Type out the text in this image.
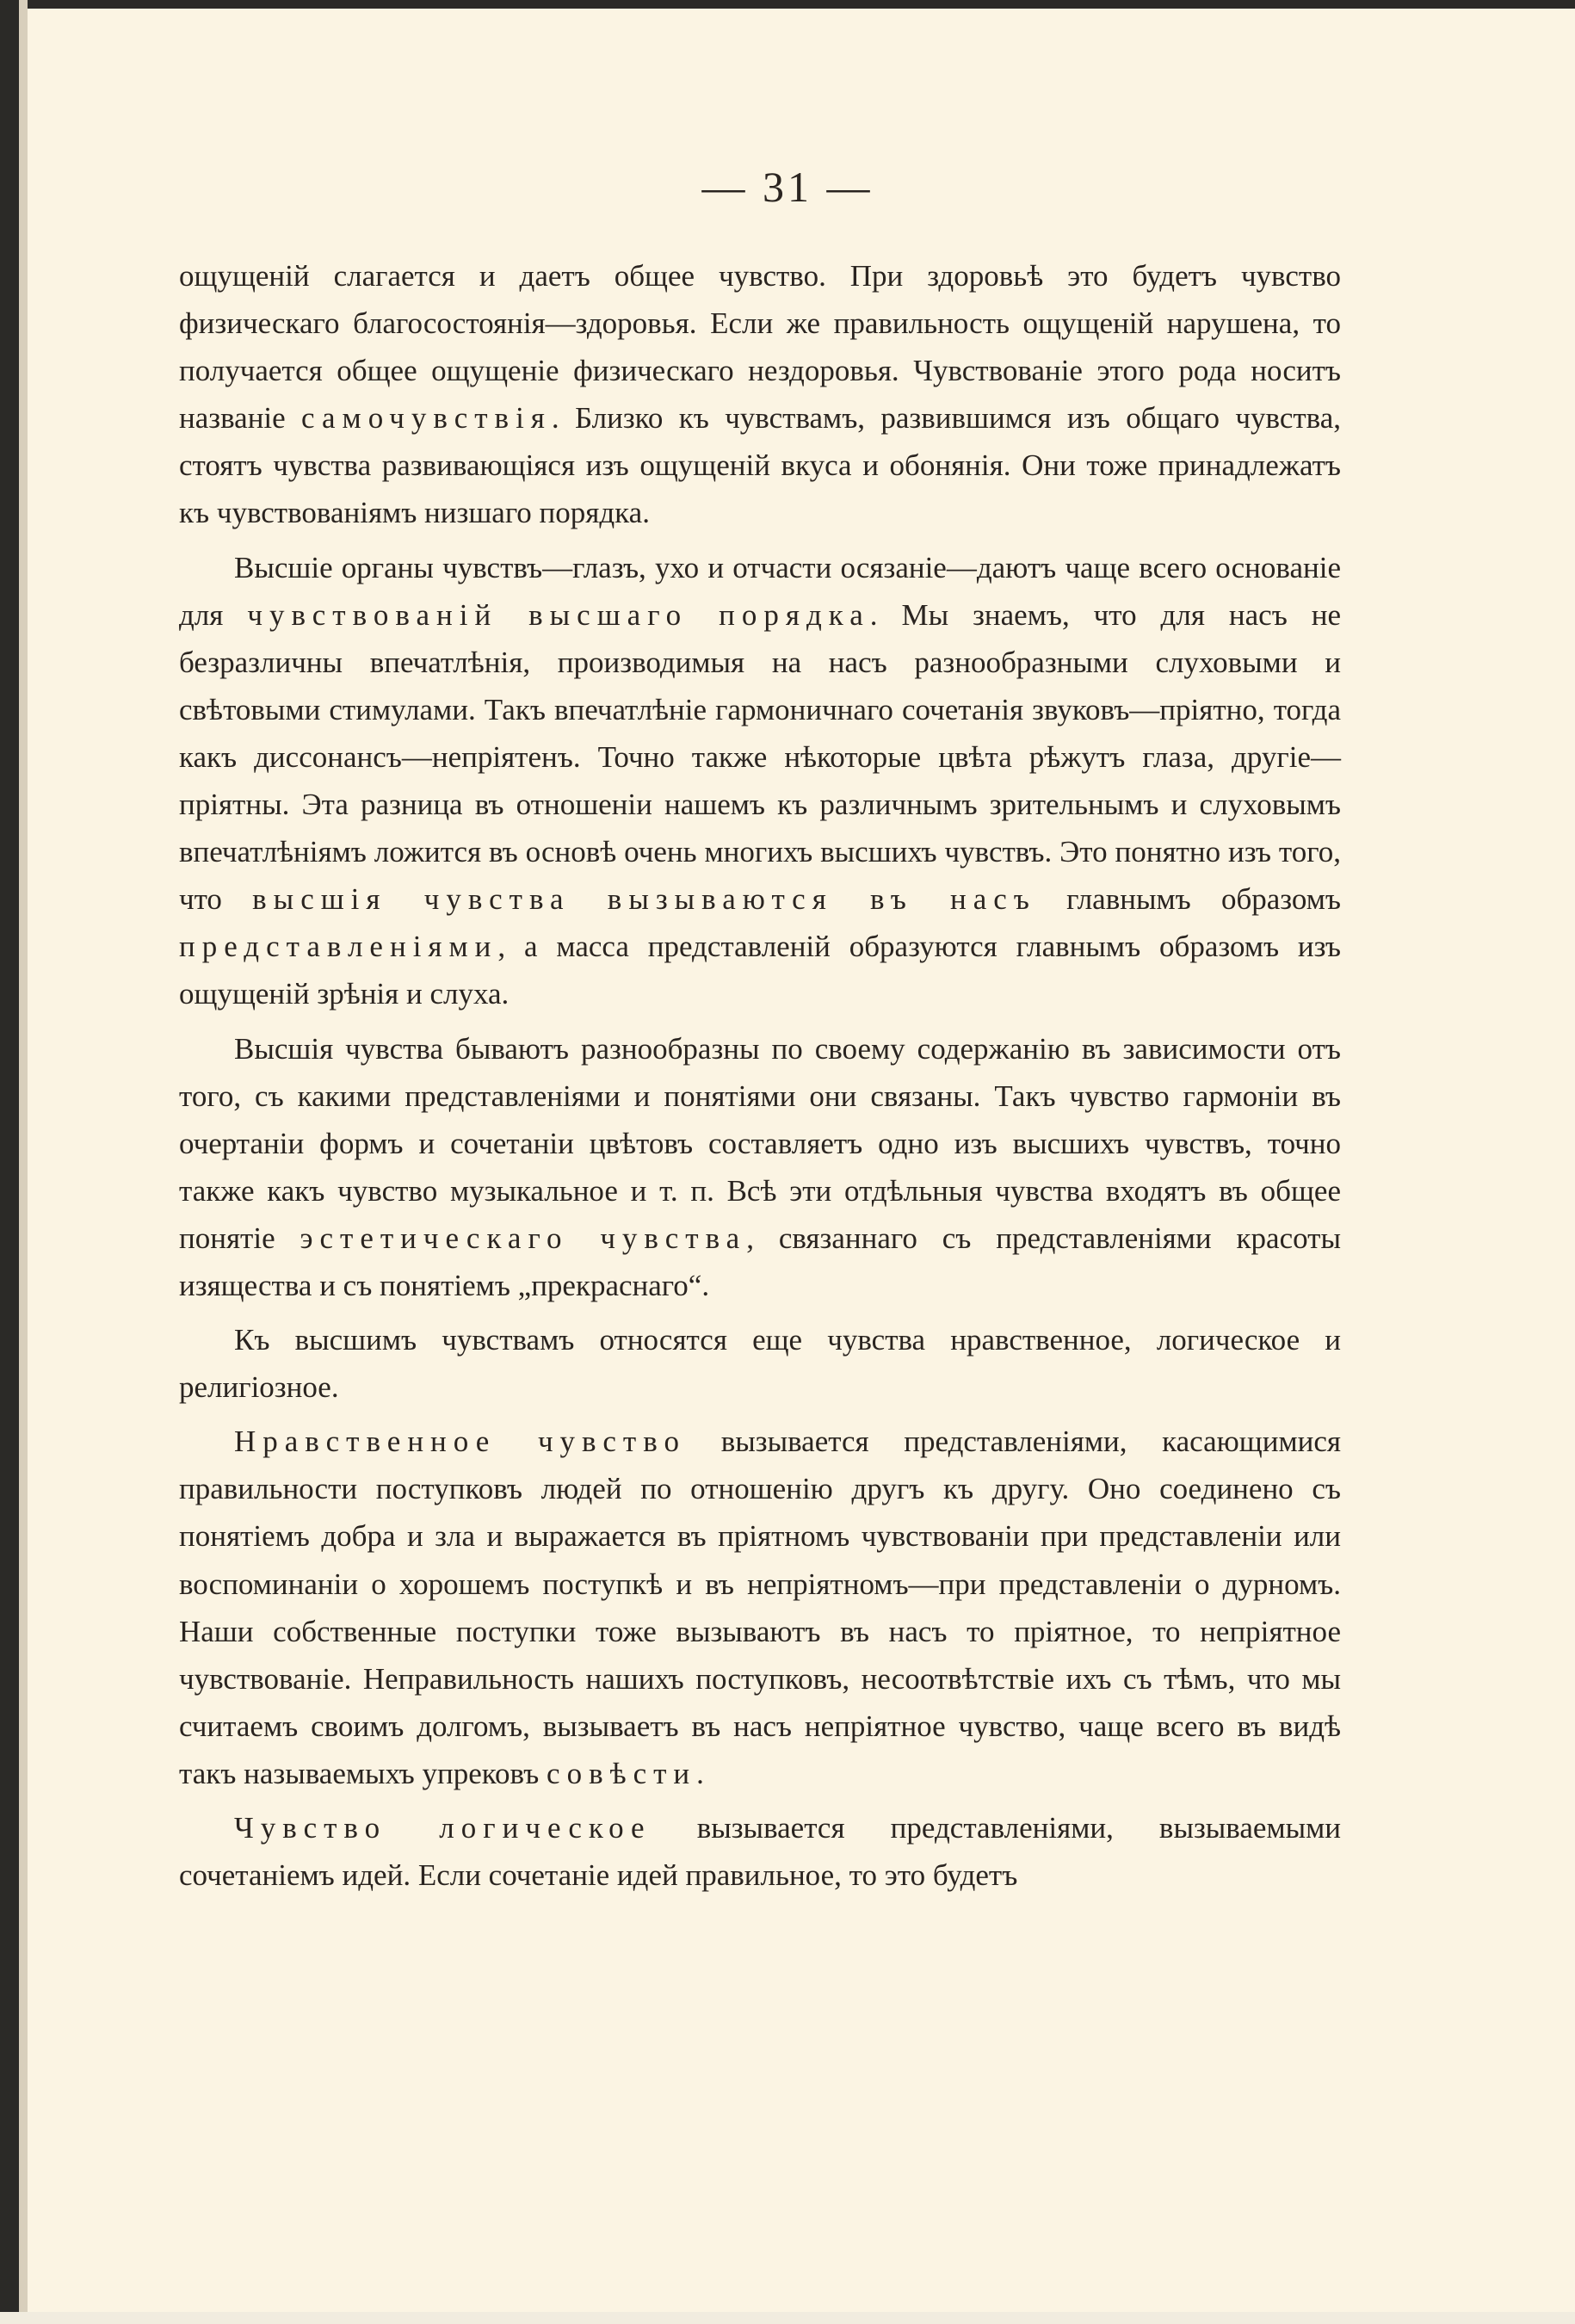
— 31 —

ощущеній слагается и даетъ общее чувство. При здоровьѣ это будетъ чувство физическаго благосостоянія—здоровья. Если же правильность ощущеній нарушена, то получается общее ощущеніе физическаго нездоровья. Чувствованіе этого рода носитъ названіе самочувствія. Близко къ чувствамъ, развившимся изъ общаго чувства, стоятъ чувства развивающіяся изъ ощущеній вкуса и обонянія. Они тоже принадлежатъ къ чувствованіямъ низшаго порядка.

Высшіе органы чувствъ—глазъ, ухо и отчасти осязаніе—даютъ чаще всего основаніе для чувствованій высшаго порядка. Мы знаемъ, что для насъ не безразличны впечатлѣнія, производимыя на насъ разнообразными слуховыми и свѣтовыми стимулами. Такъ впечатлѣніе гармоничнаго сочетанія звуковъ—пріятно, тогда какъ диссонансъ—непріятенъ. Точно также нѣкоторые цвѣта рѣжутъ глаза, другіе—пріятны. Эта разница въ отношеніи нашемъ къ различнымъ зрительнымъ и слуховымъ впечатлѣніямъ ложится въ основѣ очень многихъ высшихъ чувствъ. Это понятно изъ того, что высшія чувства вызываются въ насъ главнымъ образомъ представленіями, а масса представленій образуются главнымъ образомъ изъ ощущеній зрѣнія и слуха.

Высшія чувства бываютъ разнообразны по своему содержанію въ зависимости отъ того, съ какими представленіями и понятіями они связаны. Такъ чувство гармоніи въ очертаніи формъ и сочетаніи цвѣтовъ составляетъ одно изъ высшихъ чувствъ, точно также какъ чувство музыкальное и т. п. Всѣ эти отдѣльныя чувства входятъ въ общее понятіе эстетическаго чувства, связаннаго съ представленіями красоты изящества и съ понятіемъ „прекраснаго“.

Къ высшимъ чувствамъ относятся еще чувства нравственное, логическое и религіозное.

Нравственное чувство вызывается представленіями, касающимися правильности поступковъ людей по отношенію другъ къ другу. Оно соединено съ понятіемъ добра и зла и выражается въ пріятномъ чувствованіи при представленіи или воспоминаніи о хорошемъ поступкѣ и въ непріятномъ—при представленіи о дурномъ. Наши собственные поступки тоже вызываютъ въ насъ то пріятное, то непріятное чувствованіе. Неправильность нашихъ поступковъ, несоотвѣтствіе ихъ съ тѣмъ, что мы считаемъ своимъ долгомъ, вызываетъ въ насъ непріятное чувство, чаще всего въ видѣ такъ называемыхъ упрековъ совѣсти.

Чувство логическое вызывается представленіями, вызываемыми сочетаніемъ идей. Если сочетаніе идей правильное, то это будетъ
